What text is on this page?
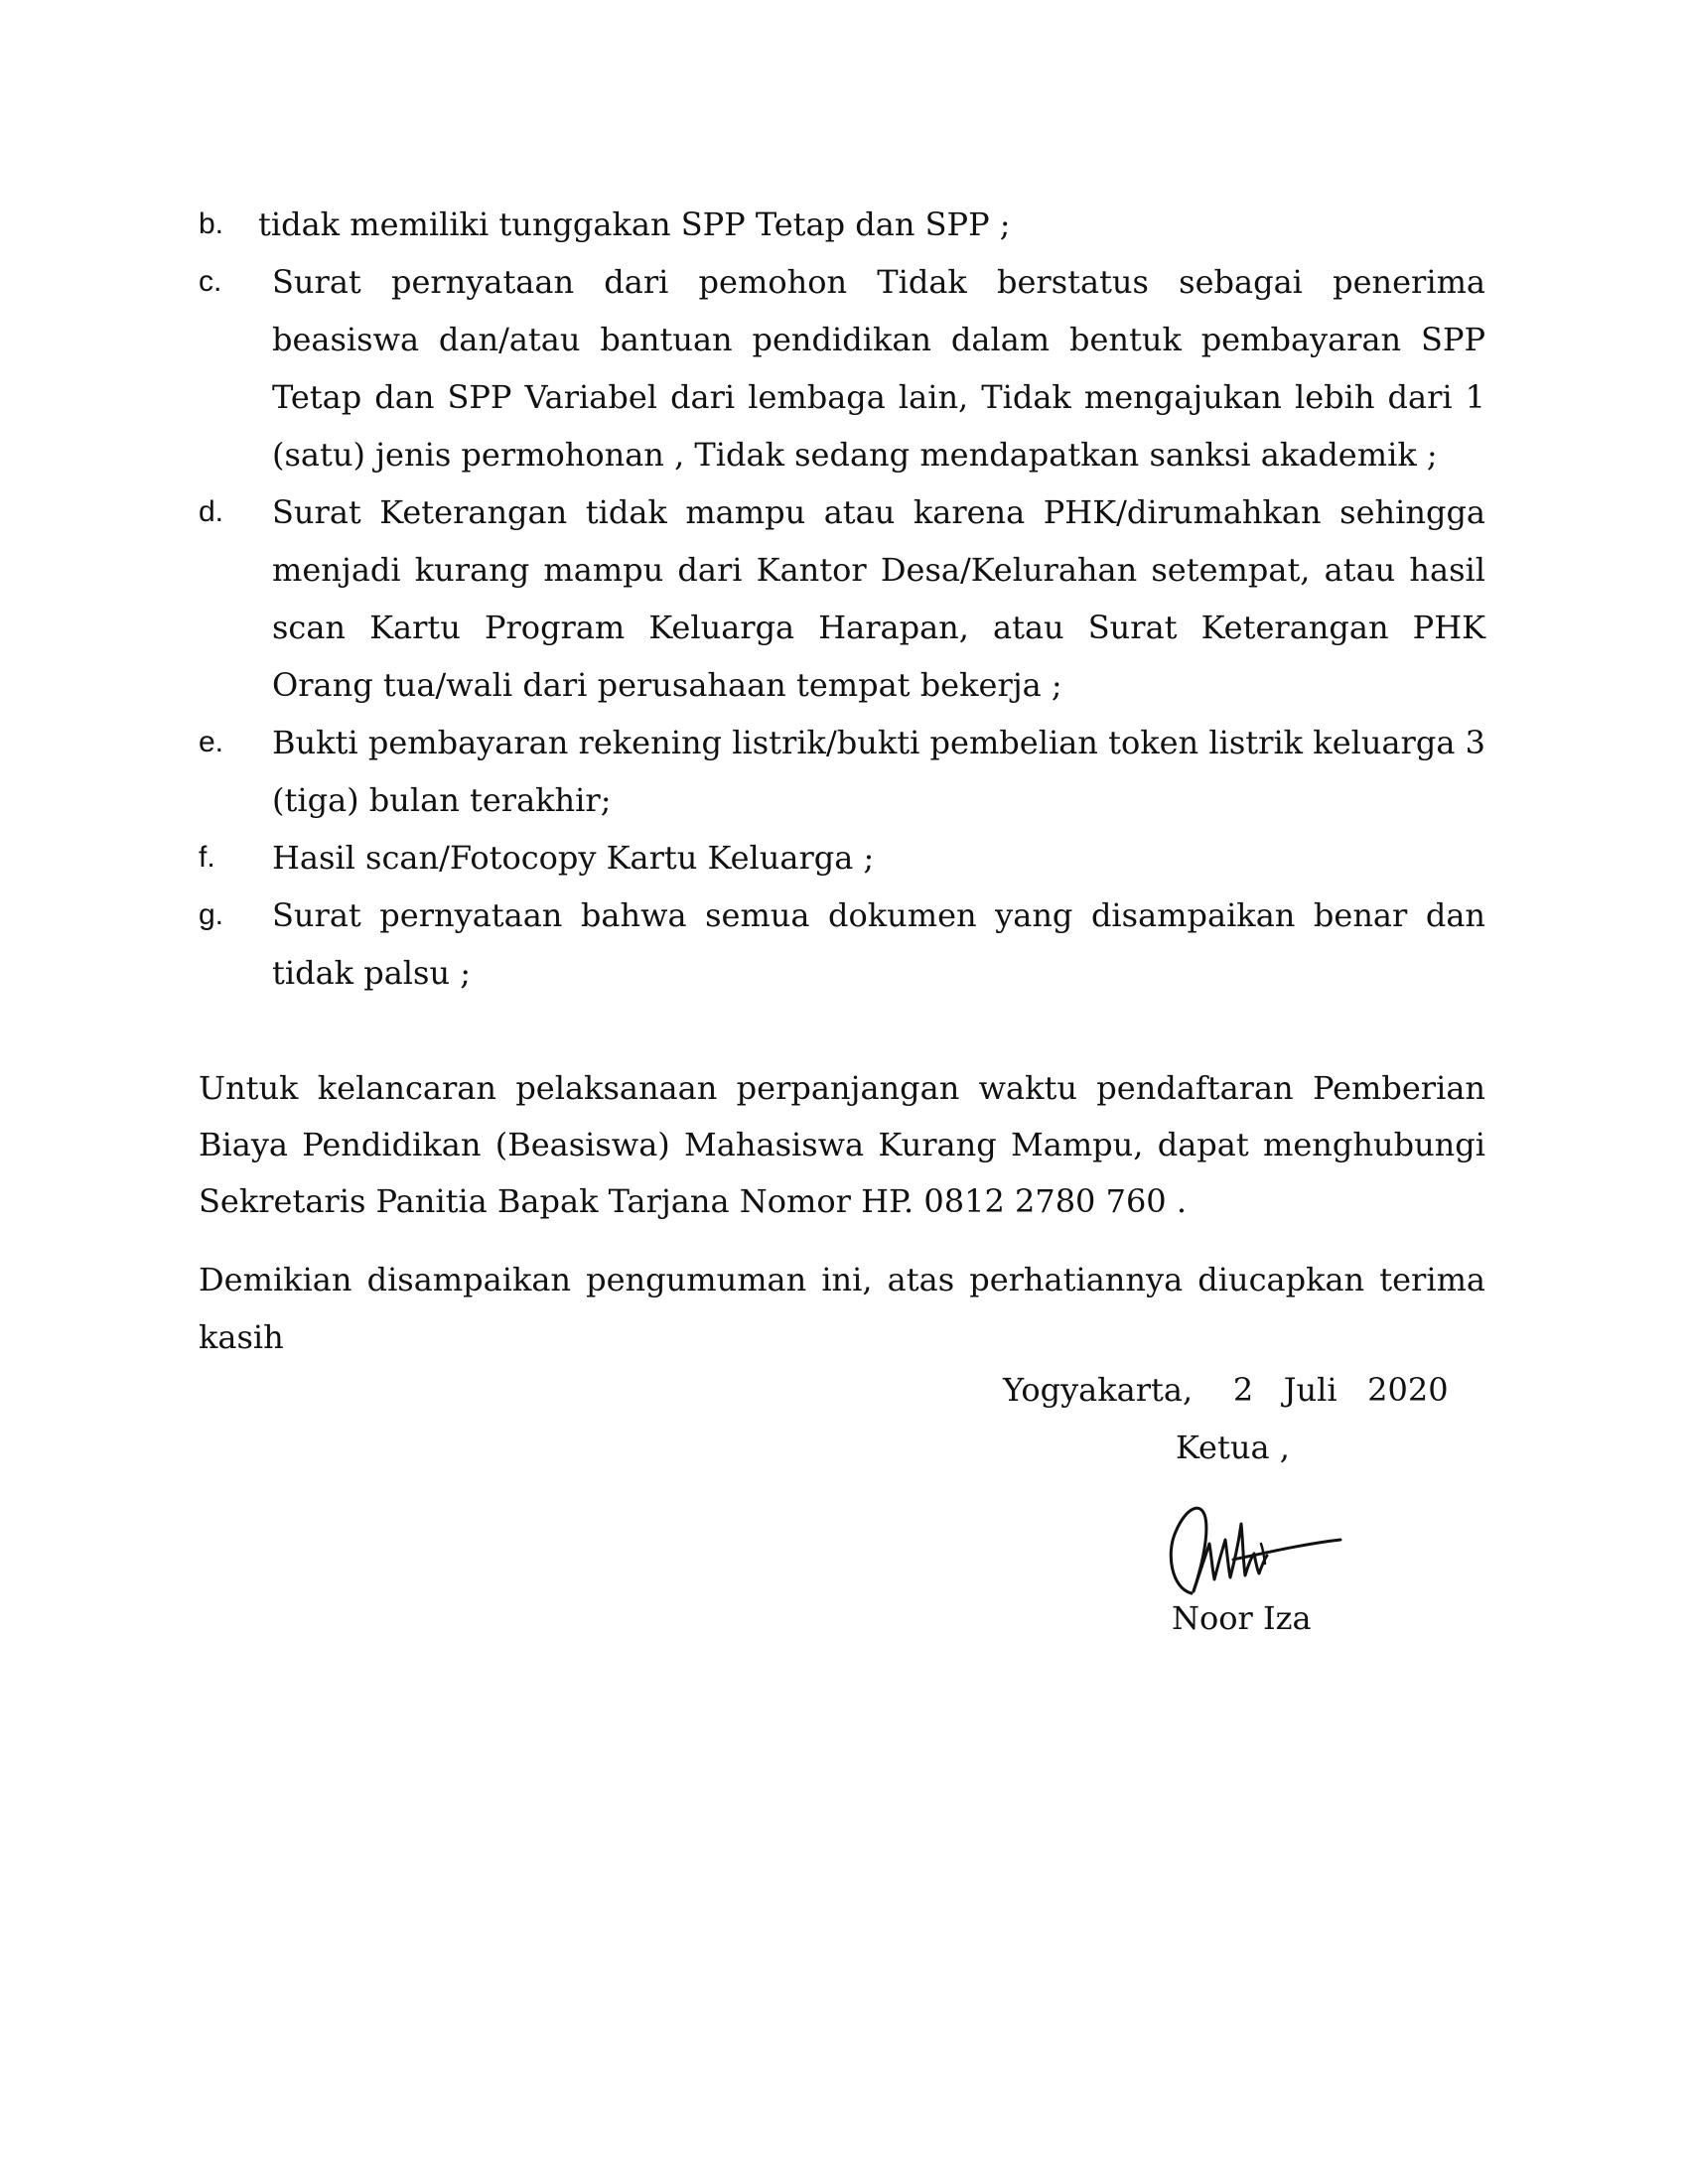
b. tidak memiliki tunggakan SPP Tetap dan SPP ;
c. Surat pernyataan dari pemohon Tidak berstatus sebagai penerima beasiswa dan/atau bantuan pendidikan dalam bentuk pembayaran SPP Tetap dan SPP Variabel dari lembaga lain, Tidak mengajukan lebih dari 1 (satu) jenis permohonan , Tidak sedang mendapatkan sanksi akademik ;
d. Surat Keterangan tidak mampu atau karena PHK/dirumahkan sehingga menjadi kurang mampu dari Kantor Desa/Kelurahan setempat, atau hasil scan Kartu Program Keluarga Harapan, atau Surat Keterangan PHK Orang tua/wali dari perusahaan tempat bekerja ;
e. Bukti pembayaran rekening listrik/bukti pembelian token listrik keluarga 3 (tiga) bulan terakhir;
f. Hasil scan/Fotocopy Kartu Keluarga ;
g. Surat pernyataan bahwa semua dokumen yang disampaikan benar dan tidak palsu ;
Untuk kelancaran pelaksanaan perpanjangan waktu pendaftaran Pemberian Biaya Pendidikan (Beasiswa) Mahasiswa Kurang Mampu, dapat menghubungi Sekretaris Panitia Bapak Tarjana Nomor HP. 0812 2780 760 .
Demikian disampaikan pengumuman ini, atas perhatiannya diucapkan terima kasih
Yogyakarta,    2   Juli   2020
Ketua ,
Noor Iza
